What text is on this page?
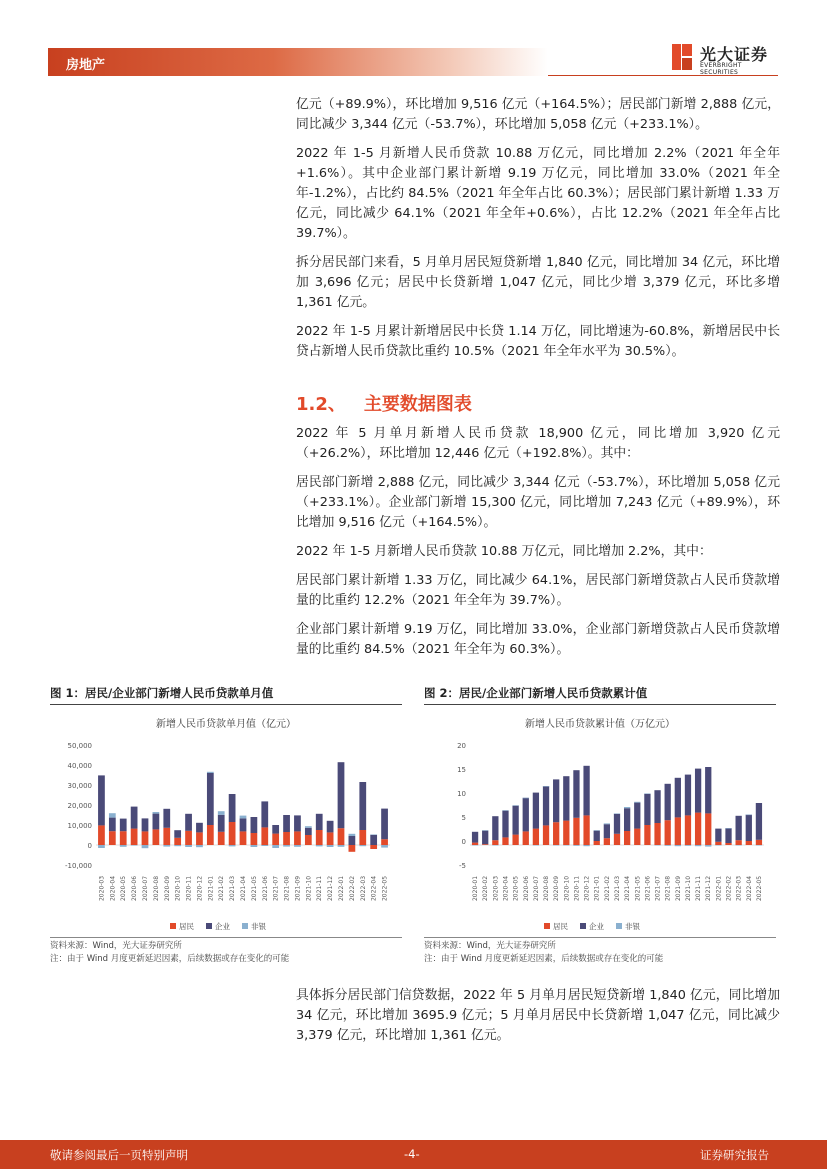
房地产
光大证券
EVERBRIGHT SECURITIES

亿元（+89.9%），环比增加 9,516 亿元（+164.5%）；居民部门新增 2,888 亿元，同比减少 3,344 亿元（-53.7%），环比增加 5,058 亿元（+233.1%）。

2022 年 1-5 月新增人民币贷款 10.88 万亿元，同比增加 2.2%（2021 年全年+1.6%）。其中企业部门累计新增 9.19 万亿元，同比增加 33.0%（2021 年全年-1.2%），占比约 84.5%（2021 年全年占比 60.3%）；居民部门累计新增 1.33 万亿元，同比减少 64.1%（2021 年全年+0.6%），占比 12.2%（2021 年全年占比 39.7%）。

拆分居民部门来看，5 月单月居民短贷新增 1,840 亿元，同比增加 34 亿元，环比增加 3,696 亿元；居民中长贷新增 1,047 亿元，同比少增 3,379 亿元，环比多增 1,361 亿元。

2022 年 1-5 月累计新增居民中长贷 1.14 万亿，同比增速为-60.8%，新增居民中长贷占新增人民币贷款比重约 10.5%（2021 年全年水平为 30.5%）。

1.2、 主要数据图表

2022 年 5 月单月新增人民币贷款 18,900 亿元，同比增加 3,920 亿元（+26.2%），环比增加 12,446 亿元（+192.8%）。其中：

居民部门新增 2,888 亿元，同比减少 3,344 亿元（-53.7%），环比增加 5,058 亿元（+233.1%）。企业部门新增 15,300 亿元，同比增加 7,243 亿元（+89.9%），环比增加 9,516 亿元（+164.5%）。

2022 年 1-5 月新增人民币贷款 10.88 万亿元，同比增加 2.2%，其中：

居民部门累计新增 1.33 万亿，同比减少 64.1%，居民部门新增贷款占人民币贷款增量的比重约 12.2%（2021 年全年为 39.7%）。

企业部门累计新增 9.19 万亿，同比增加 33.0%，企业部门新增贷款占人民币贷款增量的比重约 84.5%（2021 年全年为 60.3%）。

图 1：居民/企业部门新增人民币贷款单月值
新增人民币贷款单月值（亿元）
50,000
40,000
30,000
20,000
10,000
0
-10,000
2020-03 2020-04 2020-05 2020-06 2020-07 2020-08 2020-09 2020-10 2020-11 2020-12 2021-01 2021-02 2021-03 2021-04 2021-05 2021-06 2021-07 2021-08 2021-09 2021-10 2021-11 2021-12 2022-01 2022-02 2022-03 2022-04 2022-05
居民	企业	非银
资料来源：Wind，光大证券研究所
注：由于 Wind 月度更新延迟因素，后续数据或存在变化的可能
图 2：居民/企业部门新增人民币贷款累计值
新增人民币贷款累计值（万亿元）
20
15
10
5
0
-5
2020-01 2020-02 2020-03 2020-04 2020-05 2020-06 2020-07 2020-08 2020-09 2020-10 2020-11 2020-12 2021-01 2021-02 2021-03 2021-04 2021-05 2021-06 2021-07 2021-08 2021-09 2021-10 2021-11 2021-12 2022-01 2022-02 2022-03 2022-04 2022-05
居民	企业	非银
资料来源：Wind，光大证券研究所
注：由于 Wind 月度更新延迟因素，后续数据或存在变化的可能

具体拆分居民部门信贷数据，2022 年 5 月单月居民短贷新增 1,840 亿元，同比增加 34 亿元，环比增加 3695.9 亿元；5 月单月居民中长贷新增 1,047 亿元，同比减少 3,379 亿元，环比增加 1,361 亿元。

敬请参阅最后一页特别声明	-4-	证券研究报告
